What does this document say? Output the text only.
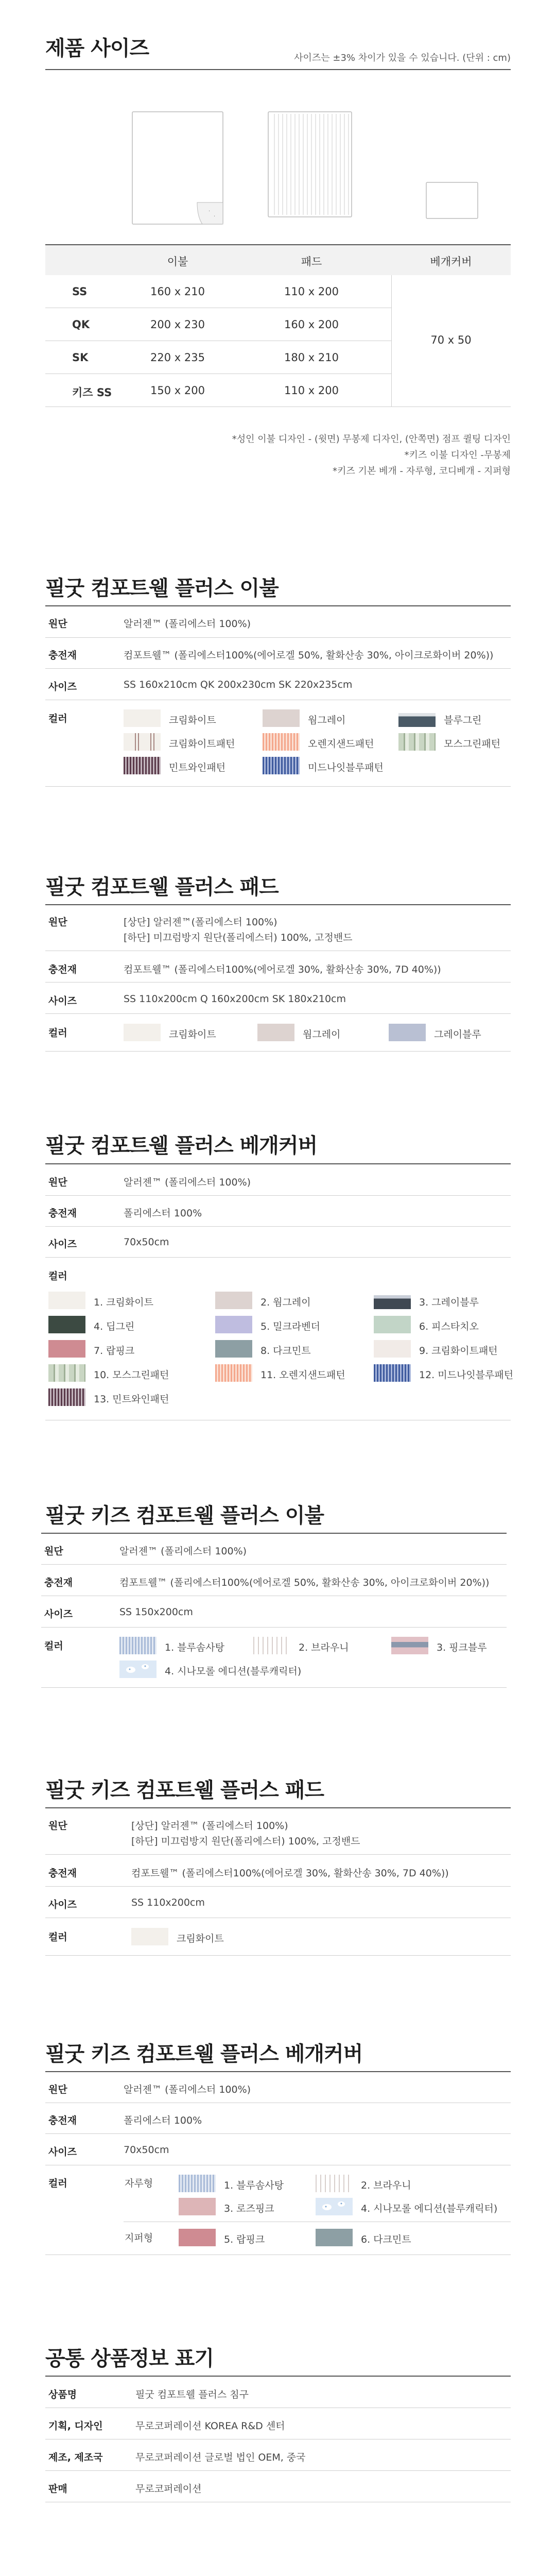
제품 사이즈	사이즈는 ±3% 차이가 있을 수 있습니다. (단위 : cm)
·
·
이불	패드	베개커버
SS	160 x 210	110 x 200
QK	200 x 230	160 x 200
SK	220 x 235	180 x 210
키즈 SS	150 x 200	110 x 200
70 x 50
*성인 이불 디자인 - (윗면) 무봉제 디자인, (안쪽면) 점프 퀼팅 디자인
*키즈 이불 디자인 -무봉제
*키즈 기본 베개 - 자루형, 코디베개 - 지퍼형
필굿 컴포트웰 플러스 이불
원단	알러젠™ (폴리에스터 100%)
충전재	컴포트웰™ (폴리에스터100%(에어로겔 50%, 활화산송 30%, 아이크로화이버 20%))
사이즈	SS 160x210cm QK 200x230cm SK 220x235cm
컬러	크림화이트	웜그레이	블루그린
크림화이트패턴	오렌지샌드패턴	모스그린패턴
민트와인패턴	미드나잇블루패턴
필굿 컴포트웰 플러스 패드
원단	[상단] 알러젠™(폴리에스터 100%)
[하단] 미끄럼방지 원단(폴리에스터) 100%, 고정밴드
충전재	컴포트웰™ (폴리에스터100%(에어로겔 30%, 활화산송 30%, 7D 40%))
사이즈	SS 110x200cm Q 160x200cm SK 180x210cm
컬러	크림화이트	웜그레이	그레이블루
필굿 컴포트웰 플러스 베개커버
원단	알러젠™ (폴리에스터 100%)
충전재	폴리에스터 100%
사이즈	70x50cm
컬러
1. 크림화이트	2. 웜그레이	3. 그레이블루
4. 딥그린	5. 밀크라벤더	6. 피스타치오
7. 랍핑크	8. 다크민트	9. 크림화이트패턴
10. 모스그린패턴	11. 오렌지샌드패턴	12. 미드나잇블루패턴
13. 민트와인패턴
필굿 키즈 컴포트웰 플러스 이불
원단	알러젠™ (폴리에스터 100%)
충전재	컴포트웰™ (폴리에스터100%(에어로겔 50%, 활화산송 30%, 아이크로화이버 20%))
사이즈	SS 150x200cm
컬러	1. 블루솜사탕	2. 브라우니	3. 핑크블루
4. 시나모롤 에디션(블루캐릭터)
필굿 키즈 컴포트웰 플러스 패드
원단	[상단] 알러젠™ (폴리에스터 100%)
[하단] 미끄럼방지 원단(폴리에스터) 100%, 고정밴드
충전재	컴포트웰™ (폴리에스터100%(에어로겔 30%, 활화산송 30%, 7D 40%))
사이즈	SS 110x200cm
컬러	크림화이트
필굿 키즈 컴포트웰 플러스 베개커버
원단	알러젠™ (폴리에스터 100%)
충전재	폴리에스터 100%
사이즈	70x50cm
컬러	자루형	1. 블루솜사탕	2. 브라우니
3. 로즈핑크	4. 시나모롤 에디션(블루캐릭터)
지퍼형	5. 랍핑크	6. 다크민트
공통 상품정보 표기
상품명	필굿 컴포트웰 플러스 침구
기획, 디자인	무로코퍼레이션 KOREA R&D 센터
제조, 제조국	무로코퍼레이션 글로벌 법인 OEM, 중국
판매	무로코퍼레이션
